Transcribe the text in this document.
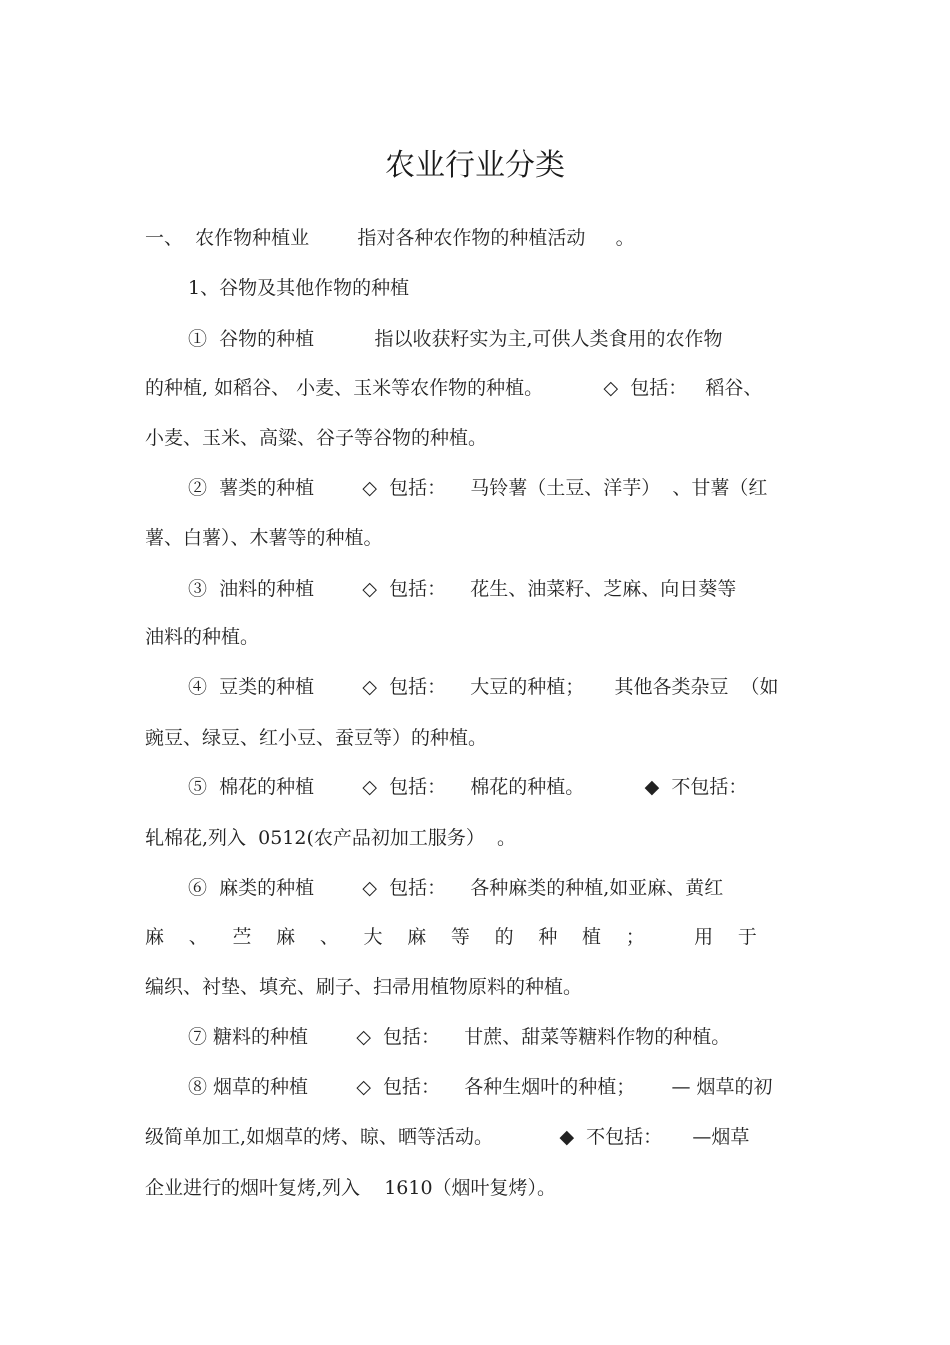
农业行业分类
一、  农作物种植业        指对各种农作物的种植活动     。
1、谷物及其他作物的种植
①  谷物的种植          指以收获籽实为主,可供人类食用的农作物
的种植, 如稻谷、 小麦、玉米等农作物的种植。          ◇  包括：   稻谷、
小麦、玉米、高粱、谷子等谷物的种植。
②  薯类的种植        ◇  包括：    马铃薯（土豆、洋芋）  、甘薯（红
薯、白薯）、木薯等的种植。
③  油料的种植        ◇  包括：    花生、油菜籽、芝麻、向日葵等
油料的种植。
④  豆类的种植        ◇  包括：    大豆的种植；     其他各类杂豆  （如
豌豆、绿豆、红小豆、蚕豆等）的种植。
⑤  棉花的种植        ◇  包括：    棉花的种植。          ◆  不包括：
轧棉花,列入  0512(农产品初加工服务）  。
⑥  麻类的种植        ◇  包括：    各种麻类的种植,如亚麻、黄红
麻 、 苎 麻 、 大 麻 等 的 种 植 ；	用 于
编织、衬垫、填充、刷子、扫帚用植物原料的种植。
⑦ 糖料的种植        ◇  包括：    甘蔗、甜菜等糖料作物的种植。
⑧ 烟草的种植        ◇  包括：    各种生烟叶的种植；      — 烟草的初
级简单加工,如烟草的烤、晾、晒等活动。           ◆  不包括：     —烟草
企业进行的烟叶复烤,列入    1610（烟叶复烤）。
